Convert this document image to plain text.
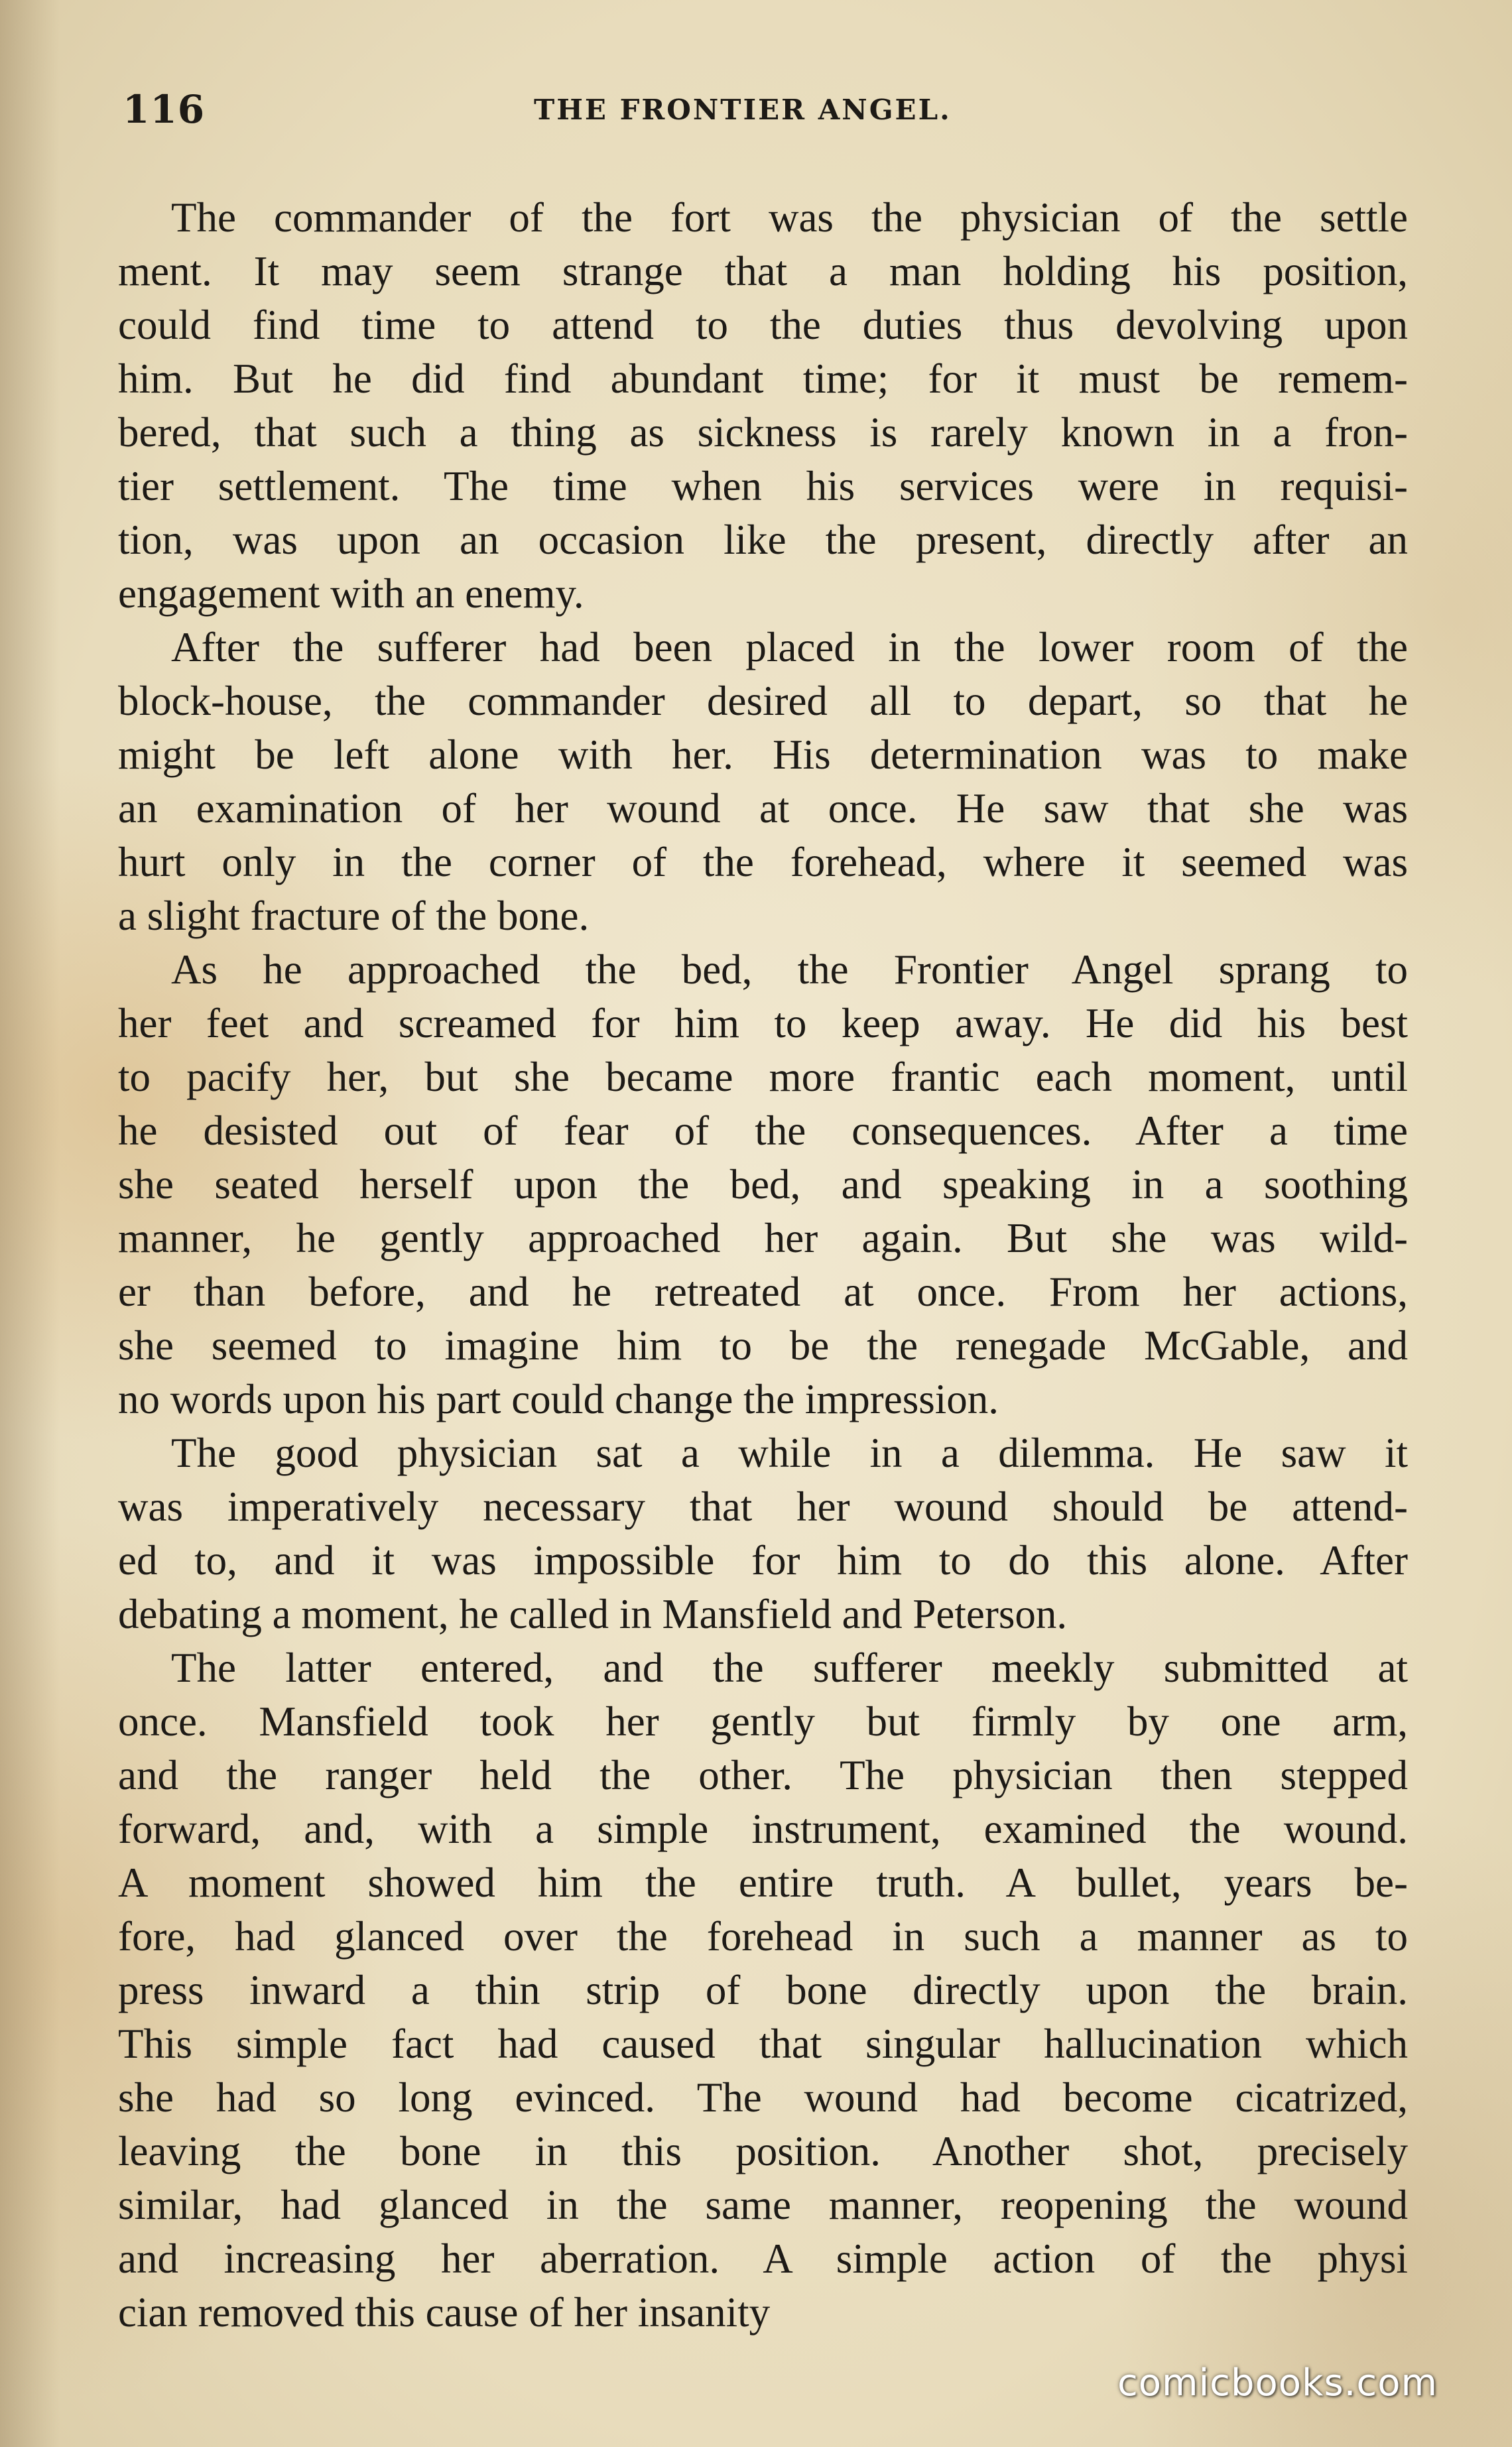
116	THE FRONTIER ANGEL.
The commander of the fort was the physician of the settle
ment. It may seem strange that a man holding his position,
could find time to attend to the duties thus devolving upon
him. But he did find abundant time; for it must be remem-
bered, that such a thing as sickness is rarely known in a fron-
tier settlement. The time when his services were in requisi-
tion, was upon an occasion like the present, directly after an
engagement with an enemy.
After the sufferer had been placed in the lower room of the
block-house, the commander desired all to depart, so that he
might be left alone with her. His determination was to make
an examination of her wound at once. He saw that she was
hurt only in the corner of the forehead, where it seemed was
a slight fracture of the bone.
As he approached the bed, the Frontier Angel sprang to
her feet and screamed for him to keep away. He did his best
to pacify her, but she became more frantic each moment, until
he desisted out of fear of the consequences. After a time
she seated herself upon the bed, and speaking in a soothing
manner, he gently approached her again. But she was wild-
er than before, and he retreated at once. From her actions,
she seemed to imagine him to be the renegade McGable, and
no words upon his part could change the impression.
The good physician sat a while in a dilemma. He saw it
was imperatively necessary that her wound should be attend-
ed to, and it was impossible for him to do this alone. After
debating a moment, he called in Mansfield and Peterson.
The latter entered, and the sufferer meekly submitted at
once. Mansfield took her gently but firmly by one arm,
and the ranger held the other. The physician then stepped
forward, and, with a simple instrument, examined the wound.
A moment showed him the entire truth. A bullet, years be-
fore, had glanced over the forehead in such a manner as to
press inward a thin strip of bone directly upon the brain.
This simple fact had caused that singular hallucination which
she had so long evinced. The wound had become cicatrized,
leaving the bone in this position. Another shot, precisely
similar, had glanced in the same manner, reopening the wound
and increasing her aberration. A simple action of the physi
cian removed this cause of her insanity
comicbooks.com
